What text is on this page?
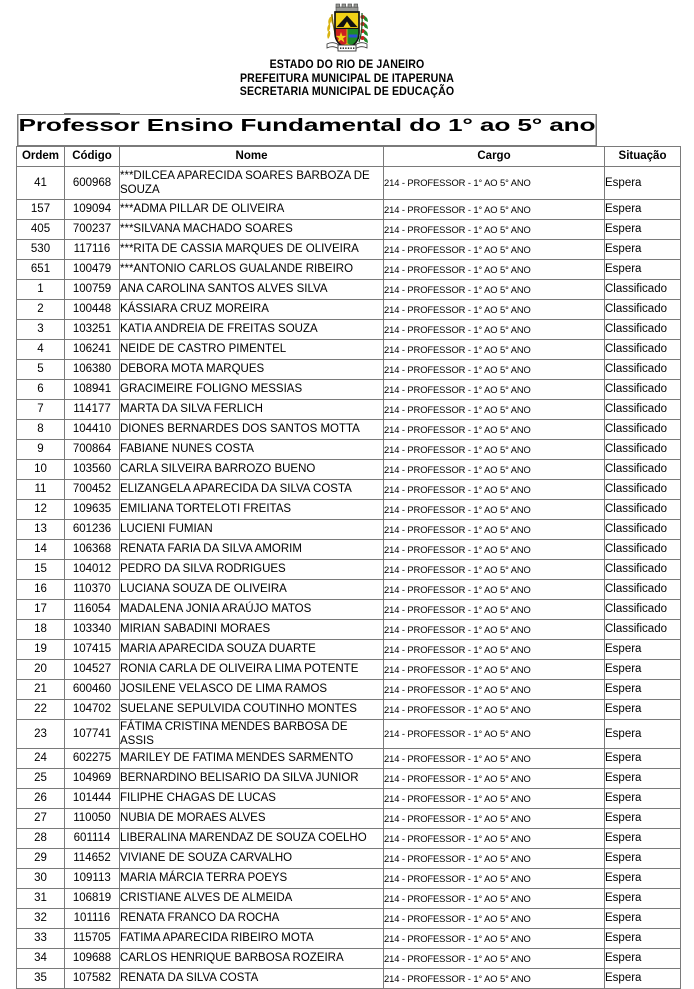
ESTADO DO RIO DE JANEIRO
PREFEITURA MUNICIPAL DE ITAPERUNA
SECRETARIA MUNICIPAL DE EDUCAÇÃO
Professor Ensino Fundamental do 1° ao 5° ano
Ordem	Código	Nome	Cargo	Situação
41	600968	***DILCEA APARECIDA SOARES BARBOZA DE SOUZA	214 - PROFESSOR - 1° AO 5° ANO	Espera
157	109094	***ADMA PILLAR DE OLIVEIRA	214 - PROFESSOR - 1° AO 5° ANO	Espera
405	700237	***SILVANA MACHADO SOARES	214 - PROFESSOR - 1° AO 5° ANO	Espera
530	117116	***RITA DE CASSIA MARQUES DE OLIVEIRA	214 - PROFESSOR - 1° AO 5° ANO	Espera
651	100479	***ANTONIO CARLOS GUALANDE RIBEIRO	214 - PROFESSOR - 1° AO 5° ANO	Espera
1	100759	ANA CAROLINA SANTOS ALVES SILVA	214 - PROFESSOR - 1° AO 5° ANO	Classificado
2	100448	KÁSSIARA CRUZ MOREIRA	214 - PROFESSOR - 1° AO 5° ANO	Classificado
3	103251	KATIA ANDREIA DE FREITAS SOUZA	214 - PROFESSOR - 1° AO 5° ANO	Classificado
4	106241	NEIDE DE CASTRO PIMENTEL	214 - PROFESSOR - 1° AO 5° ANO	Classificado
5	106380	DEBORA MOTA MARQUES	214 - PROFESSOR - 1° AO 5° ANO	Classificado
6	108941	GRACIMEIRE FOLIGNO MESSIAS	214 - PROFESSOR - 1° AO 5° ANO	Classificado
7	114177	MARTA DA SILVA FERLICH	214 - PROFESSOR - 1° AO 5° ANO	Classificado
8	104410	DIONES BERNARDES DOS SANTOS MOTTA	214 - PROFESSOR - 1° AO 5° ANO	Classificado
9	700864	FABIANE NUNES COSTA	214 - PROFESSOR - 1° AO 5° ANO	Classificado
10	103560	CARLA SILVEIRA BARROZO BUENO	214 - PROFESSOR - 1° AO 5° ANO	Classificado
11	700452	ELIZANGELA APARECIDA DA SILVA COSTA	214 - PROFESSOR - 1° AO 5° ANO	Classificado
12	109635	EMILIANA TORTELOTI FREITAS	214 - PROFESSOR - 1° AO 5° ANO	Classificado
13	601236	LUCIENI FUMIAN	214 - PROFESSOR - 1° AO 5° ANO	Classificado
14	106368	RENATA FARIA DA SILVA AMORIM	214 - PROFESSOR - 1° AO 5° ANO	Classificado
15	104012	PEDRO DA SILVA RODRIGUES	214 - PROFESSOR - 1° AO 5° ANO	Classificado
16	110370	LUCIANA SOUZA DE OLIVEIRA	214 - PROFESSOR - 1° AO 5° ANO	Classificado
17	116054	MADALENA JONIA ARAÚJO MATOS	214 - PROFESSOR - 1° AO 5° ANO	Classificado
18	103340	MIRIAN SABADINI MORAES	214 - PROFESSOR - 1° AO 5° ANO	Classificado
19	107415	MARIA APARECIDA SOUZA DUARTE	214 - PROFESSOR - 1° AO 5° ANO	Espera
20	104527	RONIA CARLA DE OLIVEIRA LIMA POTENTE	214 - PROFESSOR - 1° AO 5° ANO	Espera
21	600460	JOSILENE VELASCO DE LIMA RAMOS	214 - PROFESSOR - 1° AO 5° ANO	Espera
22	104702	SUELANE SEPULVIDA COUTINHO MONTES	214 - PROFESSOR - 1° AO 5° ANO	Espera
23	107741	FÁTIMA CRISTINA MENDES BARBOSA DE ASSIS	214 - PROFESSOR - 1° AO 5° ANO	Espera
24	602275	MARILEY DE FATIMA MENDES SARMENTO	214 - PROFESSOR - 1° AO 5° ANO	Espera
25	104969	BERNARDINO BELISARIO DA SILVA JUNIOR	214 - PROFESSOR - 1° AO 5° ANO	Espera
26	101444	FILIPHE CHAGAS DE LUCAS	214 - PROFESSOR - 1° AO 5° ANO	Espera
27	110050	NUBIA DE MORAES ALVES	214 - PROFESSOR - 1° AO 5° ANO	Espera
28	601114	LIBERALINA MARENDAZ DE SOUZA COELHO	214 - PROFESSOR - 1° AO 5° ANO	Espera
29	114652	VIVIANE DE SOUZA CARVALHO	214 - PROFESSOR - 1° AO 5° ANO	Espera
30	109113	MARIA MÁRCIA TERRA POEYS	214 - PROFESSOR - 1° AO 5° ANO	Espera
31	106819	CRISTIANE ALVES DE ALMEIDA	214 - PROFESSOR - 1° AO 5° ANO	Espera
32	101116	RENATA FRANCO DA ROCHA	214 - PROFESSOR - 1° AO 5° ANO	Espera
33	115705	FATIMA APARECIDA RIBEIRO MOTA	214 - PROFESSOR - 1° AO 5° ANO	Espera
34	109688	CARLOS HENRIQUE BARBOSA ROZEIRA	214 - PROFESSOR - 1° AO 5° ANO	Espera
35	107582	RENATA DA SILVA COSTA	214 - PROFESSOR - 1° AO 5° ANO	Espera
